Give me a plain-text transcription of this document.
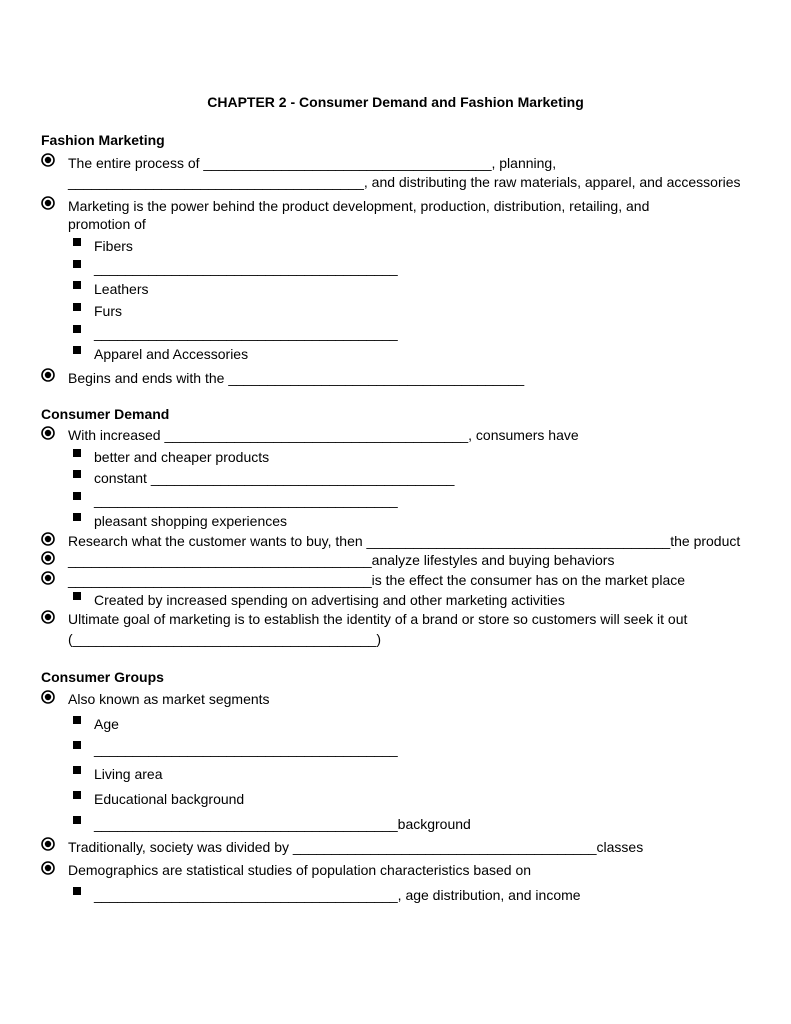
CHAPTER 2 - Consumer Demand and Fashion Marketing
Fashion Marketing
The entire process of _____________________________________, planning,
______________________________________, and distributing the raw materials, apparel, and accessories
Marketing is the power behind the product development, production, distribution, retailing, and
promotion of
Fibers
_______________________________________
Leathers
Furs
_______________________________________
Apparel and Accessories
Begins and ends with the ______________________________________
Consumer Demand
With increased _______________________________________, consumers have
better and cheaper products
constant _______________________________________
_______________________________________
pleasant shopping experiences
Research what the customer wants to buy, then _______________________________________the product
_______________________________________analyze lifestyles and buying behaviors
_______________________________________is the effect the consumer has on the market place
Created by increased spending on advertising and other marketing activities
Ultimate goal of marketing is to establish the identity of a brand or store so customers will seek it out
(_______________________________________)
Consumer Groups
Also known as market segments
Age
_______________________________________
Living area
Educational background
_______________________________________background
Traditionally, society was divided by _______________________________________classes
Demographics are statistical studies of population characteristics based on
_______________________________________, age distribution, and income
